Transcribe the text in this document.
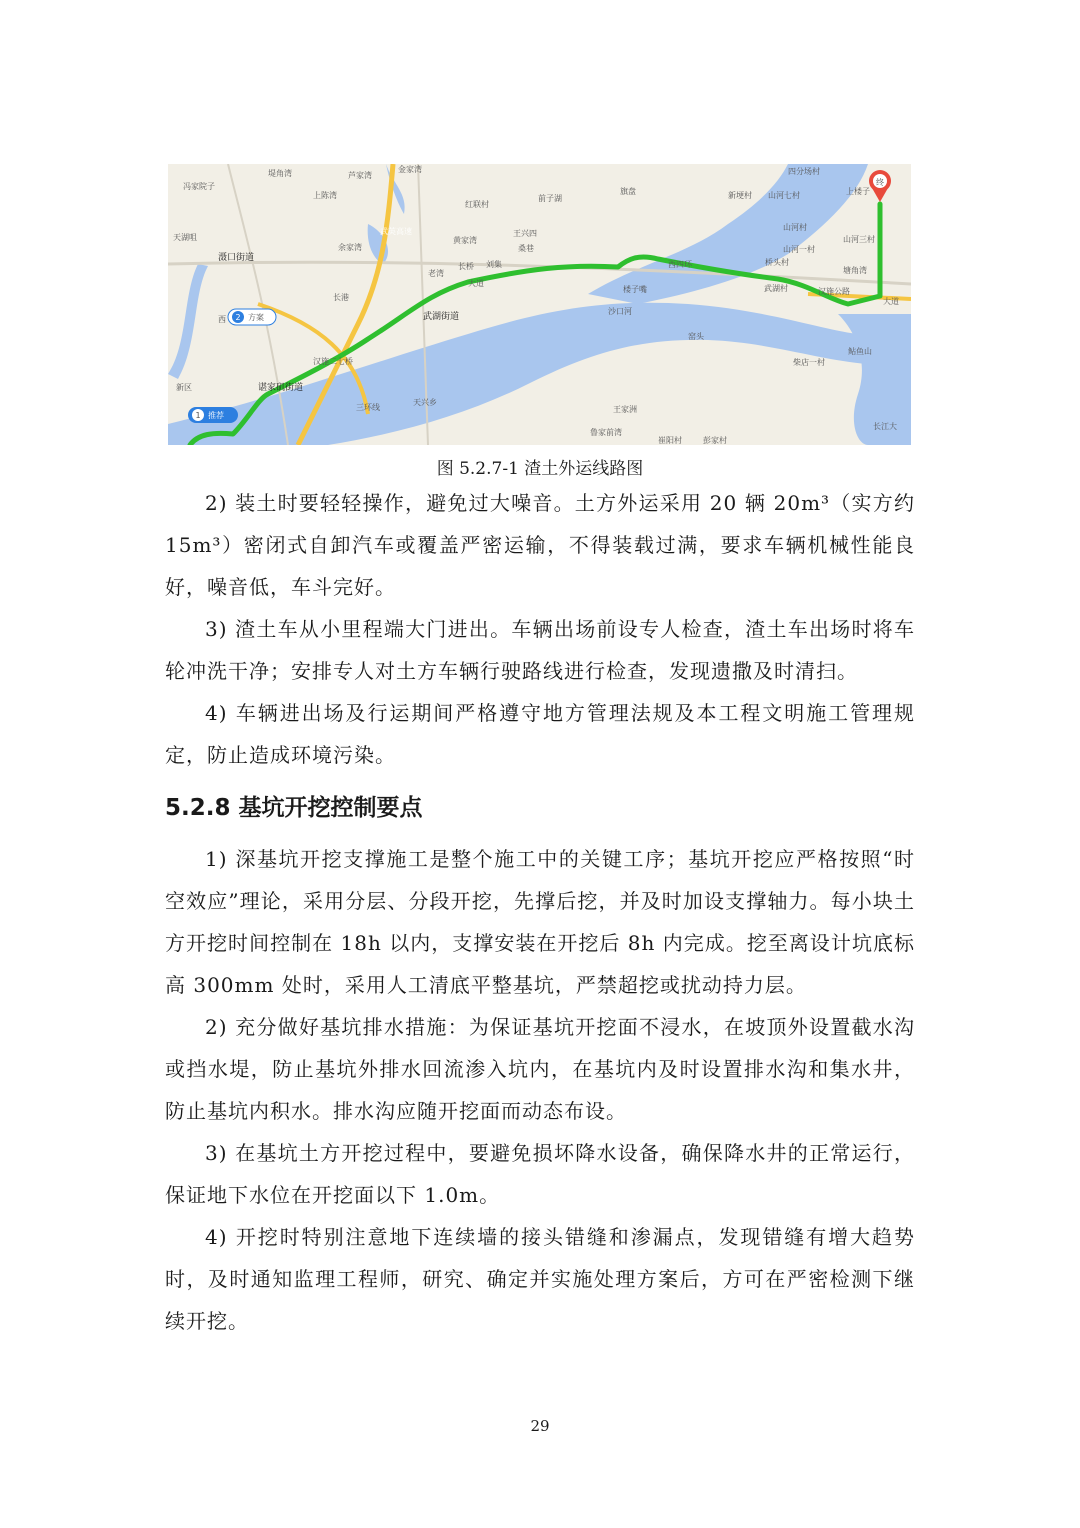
终
1 推荐
2 方案
冯家院子
堤角湾	金家湾
芦家湾
上陈湾
红联村
前子湖
旗盘
四分场村
新埂村 山河七村	上楼子
天湖咀
余家湾
黄家湾
王兴四
桑巷
山河村
山河一村
山河三村
桥头村
塘角湾
滠口街道
老湾
长港
刘集
长桥
武湖街道
楼子嘴
沙口河
武湖村
西
汉施二七桥
窑头
柴店一村
谌家矶街道
天兴乡
新区
王家洲
鲁家前湾
崔阳村	彭家村
鲇鱼山
武英高速
三环线
西四环
汉施公路
大道
大道
长江大
图 5.2.7-1 渣土外运线路图

2) 装土时要轻轻操作，避免过大噪音。土方外运采用 20 辆 20m³（实方约 15m³）密闭式自卸汽车或覆盖严密运输，不得装载过满，要求车辆机械性能良好，噪音低，车斗完好。

3) 渣土车从小里程端大门进出。车辆出场前设专人检查，渣土车出场时将车轮冲洗干净；安排专人对土方车辆行驶路线进行检查，发现遗撒及时清扫。

4) 车辆进出场及行运期间严格遵守地方管理法规及本工程文明施工管理规定，防止造成环境污染。

5.2.8 基坑开挖控制要点

1) 深基坑开挖支撑施工是整个施工中的关键工序；基坑开挖应严格按照“时空效应”理论，采用分层、分段开挖，先撑后挖，并及时加设支撑轴力。每小块土方开挖时间控制在 18h 以内，支撑安装在开挖后 8h 内完成。挖至离设计坑底标高 300mm 处时，采用人工清底平整基坑，严禁超挖或扰动持力层。

2) 充分做好基坑排水措施：为保证基坑开挖面不浸水，在坡顶外设置截水沟或挡水堤，防止基坑外排水回流渗入坑内，在基坑内及时设置排水沟和集水井，防止基坑内积水。排水沟应随开挖面而动态布设。

3) 在基坑土方开挖过程中，要避免损坏降水设备，确保降水井的正常运行，保证地下水位在开挖面以下 1.0m。

4) 开挖时特别注意地下连续墙的接头错缝和渗漏点，发现错缝有增大趋势时，及时通知监理工程师，研究、确定并实施处理方案后，方可在严密检测下继续开挖。

29
